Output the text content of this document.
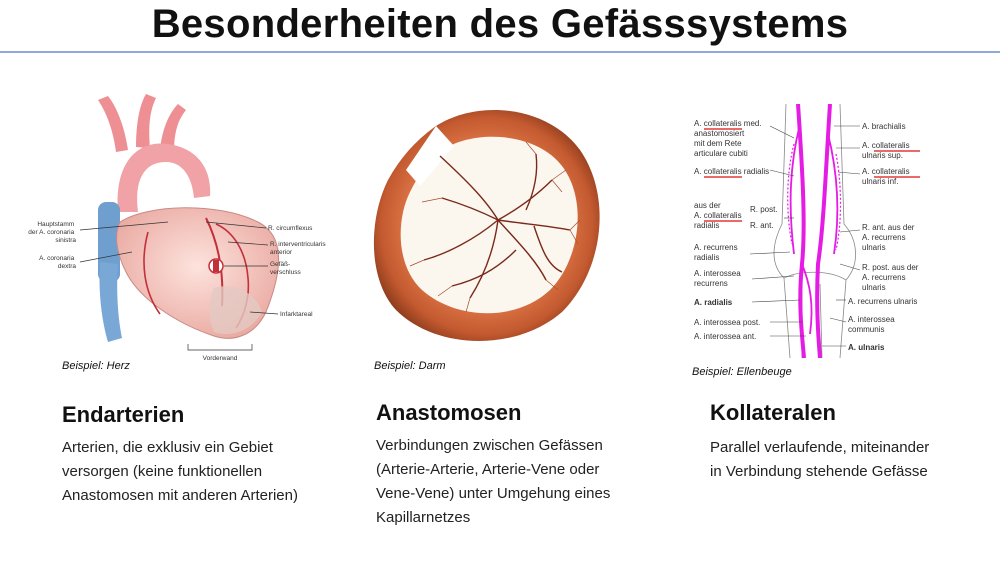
Besonderheiten des Gefässsystems
Hauptstamm der A. coronaria sinistra
A. coronaria dextra
R. circumflexus
R. interventricularis anterior
Gefäß- verschluss
Infarktareal
Vorderwand
A. collateralis med. anastomosiert mit dem Rete articulare cubiti
A. collateralis radialis
aus der A. collateralis radialis
R. post. R. ant.
A. recurrens radialis
A. interossea recurrens
A. radialis
A. interossea post.
A. interossea ant.
A. brachialis
A. collateralis ulnaris sup.
A. collateralis ulnaris inf.
R. ant. aus der A. recurrens ulnaris
R. post. aus der A. recurrens ulnaris
A. recurrens ulnaris
A. interossea communis
A. ulnaris
Beispiel: Herz	Beispiel: Darm	Beispiel: Ellenbeuge
Endarterien	Anastomosen	Kollateralen
Arterien, die exklusiv ein Gebiet
versorgen (keine funktionellen
Anastomosen mit anderen Arterien)
Verbindungen zwischen Gefässen
(Arterie-Arterie, Arterie-Vene oder
Vene-Vene) unter Umgehung eines
Kapillarnetzes
Parallel verlaufende, miteinander
in Verbindung stehende Gefässe
